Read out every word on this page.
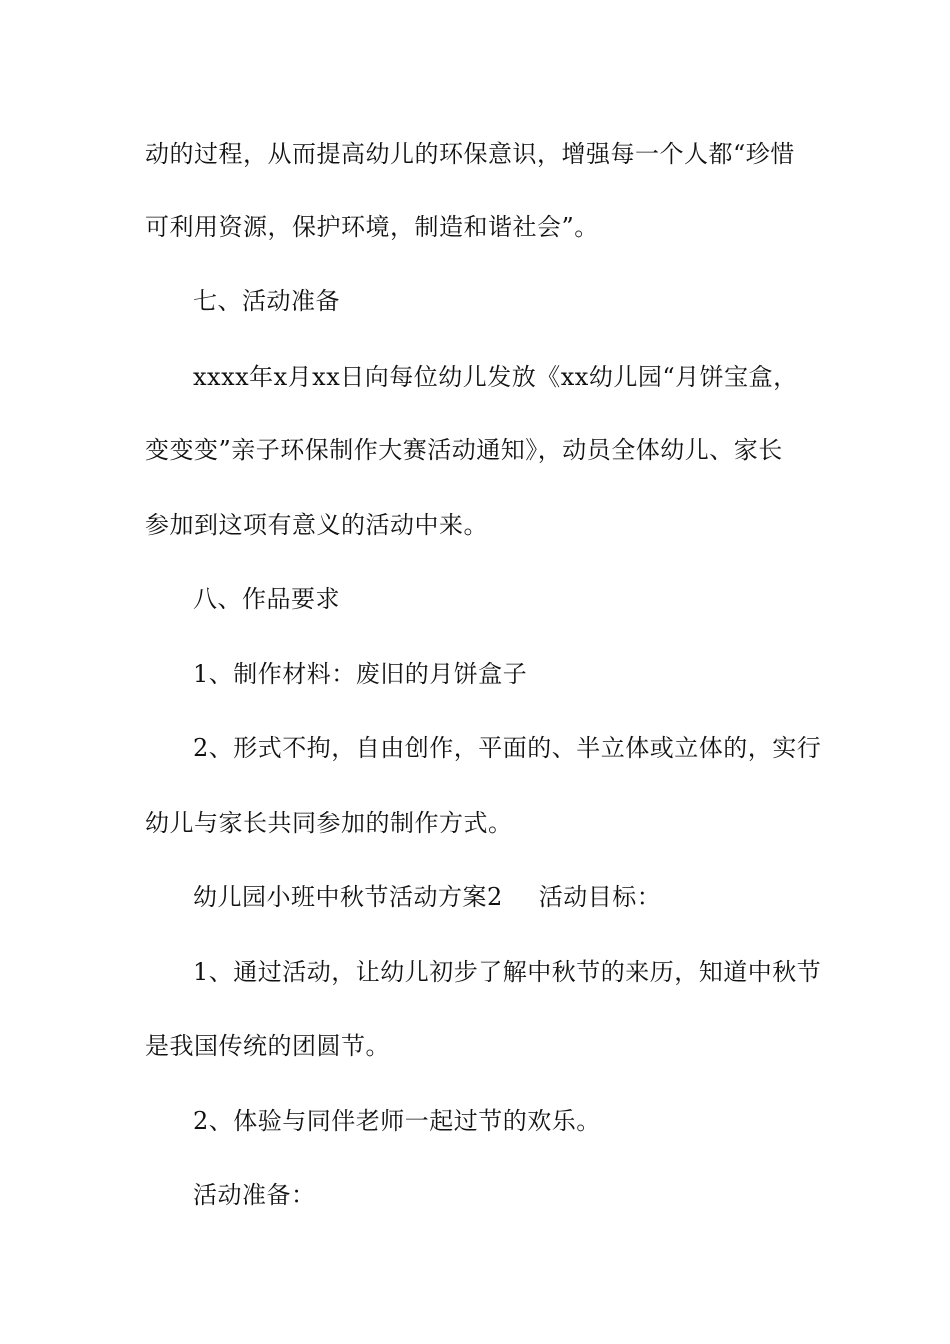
动的过程，从而提高幼儿的环保意识，增强每一个人都“珍惜
可利用资源，保护环境，制造和谐社会”。
七、活动准备
xxxx年x月xx日向每位幼儿发放《xx幼儿园“月饼宝盒，
变变变”亲子环保制作大赛活动通知》，动员全体幼儿、家长
参加到这项有意义的活动中来。
八、作品要求
1、制作材料：废旧的月饼盒子
2、形式不拘，自由创作，平面的、半立体或立体的，实行
幼儿与家长共同参加的制作方式。
幼儿园小班中秋节活动方案2 活动目标：
1、通过活动，让幼儿初步了解中秋节的来历，知道中秋节
是我国传统的团圆节。
2、体验与同伴老师一起过节的欢乐。
活动准备：
